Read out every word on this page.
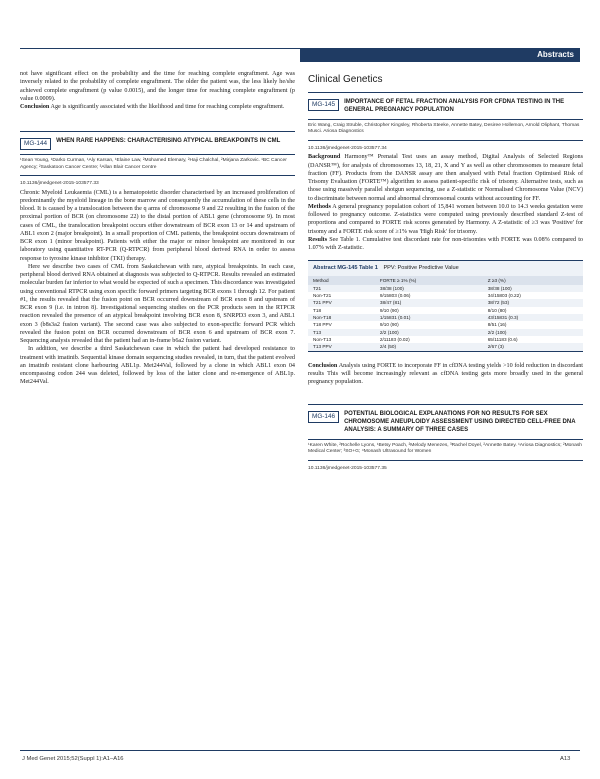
Abstracts

not have significant effect on the probability and the time for reaching complete engraftment. Age was inversely related to the probability of complete engraftment. The older the patient was, the less likely he/she achieved complete engraftment (p value 0.0015), and the longer time for reaching complete engraftment (p value 0.0009).

Conclusion Age is significantly associated with the likelihood and time for reaching complete engraftment.

MG-144	WHEN RARE HAPPENS: CHARACTERISING ATYPICAL BREAKPOINTS IN CML

¹Sean Young, ¹Darko Curman, ¹Aly Karsan, ¹Elaine Law, ²Mohamed Elemary, ²Haji Chalchal, ²Mirjana Zarkovic. ¹BC Cancer Agency; ²Saskatoon Cancer Centre; ³Allan Blair Cancer Centre

10.1136/jmedgenet-2015-103577.33

Chronic Myeloid Leukaemia (CML) is a hematopoietic disorder characterised by an increased proliferation of predominantly the myeloid lineage in the bone marrow and consequently the accumulation of these cells in the blood. It is caused by a translocation between the q arms of chromosome 9 and 22 resulting in the fusion of the proximal portion of BCR (on chromosome 22) to the distal portion of ABL1 gene (chromosome 9). In most cases of CML, the translocation breakpoint occurs either downstream of BCR exon 13 or 14 and upstream of ABL1 exon 2 (major breakpoint). In a small proportion of CML patients, the breakpoint occurs downstream of BCR exon 1 (minor breakpoint). Patients with either the major or minor breakpoint are monitored in our laboratory using quantitative RT-PCR (Q-RTPCR) from peripheral blood derived RNA in order to assess response to tyrosine kinase inhibitor (TKI) therapy.

Here we describe two cases of CML from Saskatchewan with rare, atypical breakpoints. In each case, peripheral blood derived RNA obtained at diagnosis was subjected to Q-RTPCR. Results revealed an estimated molecular burden far inferior to what would be expected of such a specimen. This discordance was investigated using conventional RTPCR using exon specific forward primers targeting BCR exons 1 through 12. For patient #1, the results revealed that the fusion point on BCR occurred downstream of BCR exon 8 and upstream of BCR exon 9 (i.e. in intron 8). Investigational sequencing studies on the PCR products seen in the RTPCR reaction revealed the presence of an atypical breakpoint involving BCR exon 8, SNRPD3 exon 3, and ABL1 exon 3 (b8s3a2 fusion variant). The second case was also subjected to exon-specific forward PCR which revealed the fusion point on BCR occurred downstream of BCR exon 6 and upstream of BCR exon 7. Sequencing analysis revealed that the patient had an in-frame b6a2 fusion variant.

In addition, we describe a third Saskatchewan case in which the patient had developed resistance to treatment with imatinib. Sequential kinase domain sequencing studies revealed, in turn, that the patient evolved an imatinib resistant clone harbouring ABL1p. Met244Val, followed by a clone in which ABL1 exon 04 encompassing codon 244 was deleted, followed by loss of the latter clone and re-emergence of ABL1p. Met244Val.

Clinical Genetics
MG-145	IMPORTANCE OF FETAL FRACTION ANALYSIS FOR CFDNA TESTING IN THE GENERAL PREGNANCY POPULATION

Eric Wang, Craig Struble, Christopher Kingsley, Rhoberta Steeke, Annette Batey, Desiree Hollemon, Arnold Oliphant, Thomas Musci. Ariosa Diagnostics

10.1136/jmedgenet-2015-103577.34

Background Harmony™ Prenatal Test uses an assay method, Digital Analysis of Selected Regions (DANSR™), for analysis of chromosomes 13, 18, 21, X and Y as well as other chromosomes to measure fetal fraction (FF). Products from the DANSR assay are then analysed with Fetal fraction Optimised Risk of Trisomy Evaluation (FORTE™) algorithm to assess patient-specific risk of trisomy. Alternative tests, such as those using massively parallel shotgun sequencing, use a Z-statistic or Normalised Chromosome Value (NCV) to discriminate between normal and abnormal chromosomal counts without accounting for FF.

Methods A general pregnancy population cohort of 15,841 women between 10.0 to 14.3 weeks gestation were followed to pregnancy outcome. Z-statistics were computed using previously described standard Z-test of proportions and compared to FORTE risk scores generated by Harmony. A Z-statistic of ≥3 was 'Positive' for trisomy and a FORTE risk score of ≥1% was 'High Risk' for trisomy.

Results See Table 1. Cumulative test discordant rate for non-trisomies with FORTE was 0.08% compared to 1.07% with Z-statistic.

Abstract MG-145 Table 1 PPV: Positive Predictive Value
Method	FORTE ≥ 1% (%)	Z ≥3 (%)
T21	38/38 (100)	38/38 (100)
Non-T21	9/15803 (0.06)	34/15803 (0.22)
T21 PPV	38/47 (81)	38/72 (53)
T18	9/10 (90)	8/10 (80)
Non-T18	1/15831 (0.01)	43/15831 (0.3)
T18 PPV	9/10 (90)	8/51 (16)
T13	2/2 (100)	2/2 (100)
Non-T13	2/11183 (0.02)	65/11183 (0.6)
T13 PPV	2/4 (50)	2/67 (3)

Conclusion Analysis using FORTE to incorporate FF in cfDNA testing yields >10 fold reduction in discordant results This will become increasingly relevant as cfDNA testing gets more broadly used in the general pregnancy population.

MG-146	POTENTIAL BIOLOGICAL EXPLANATIONS FOR NO RESULTS FOR SEX CHROMOSOME ANEUPLOIDY ASSESSMENT USING DIRECTED CELL-FREE DNA ANALYSIS: A SUMMARY OF THREE CASES

¹Karen White, ²Rochelle Lyons, ¹Betsy Poach, ²Melody Menezes, ³Rachel Doyel, ²Annette Batey. ¹Ariosa Diagnostics; ²Monash Medical Center; ³SO+G; ⁴Monash Ultrasound for Women

10.1136/jmedgenet-2015-103577.35

J Med Genet 2015;52(Suppl 1):A1–A16	A13
